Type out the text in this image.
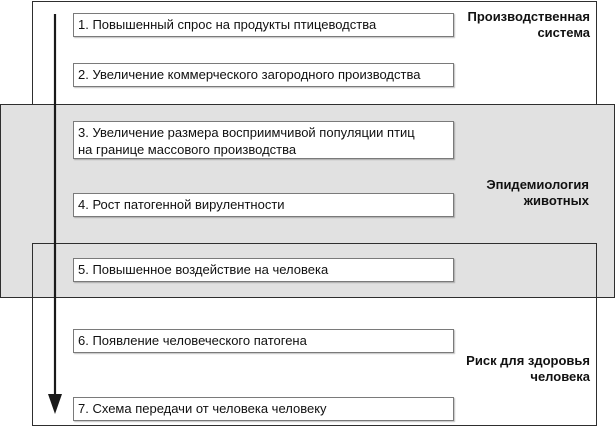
Производственная
система
Эпидемиология
животных
Риск для здоровья
человека
1. Повышенный спрос на продукты птицеводства
2. Увеличение коммерческого загородного производства
3. Увеличение размера восприимчивой популяции птиц
на границе массового производства
4. Рост патогенной вирулентности
5. Повышенное воздействие на человека
6. Появление человеческого патогена
7. Схема передачи от человека человеку
